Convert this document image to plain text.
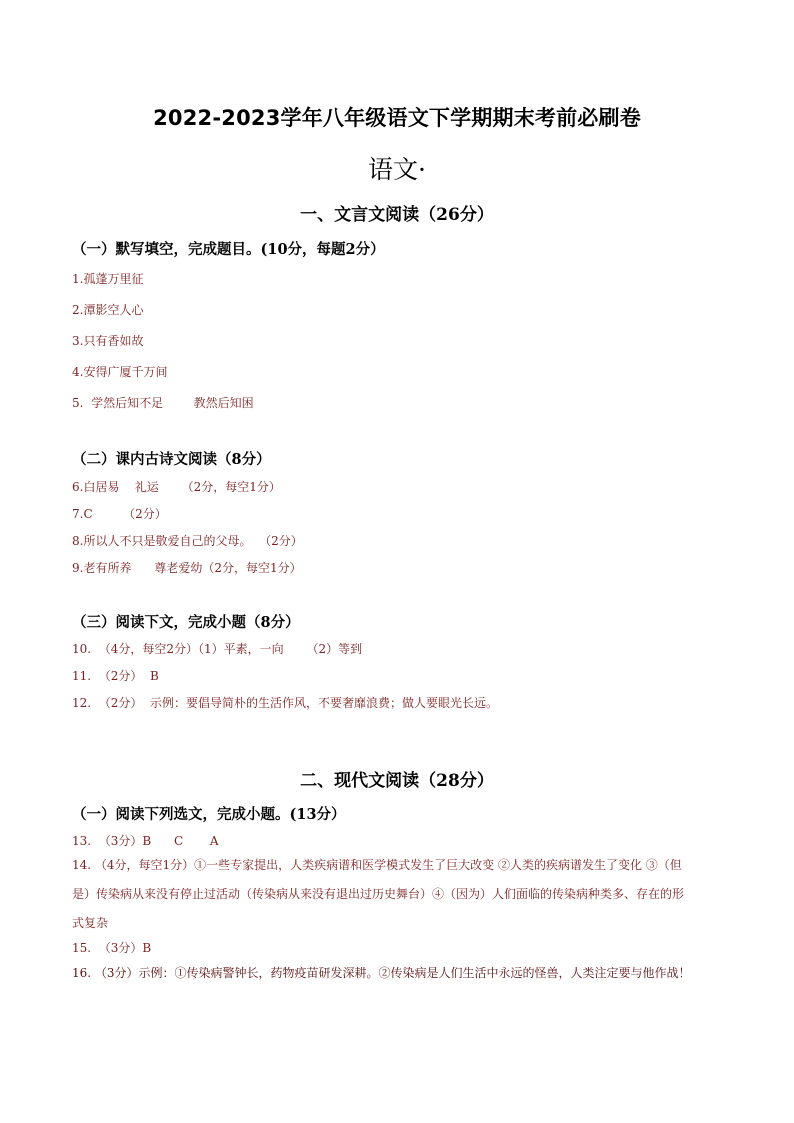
2022-2023学年八年级语文下学期期末考前必刷卷
语文·
一、文言文阅读（26分）
（一）默写填空，完成题目。(10分，每题2分）
1.孤蓬万里征
2.潭影空人心
3.只有香如故
4.安得广厦千万间
5.  学然后知不足        教然后知困
（二）课内古诗文阅读（8分）
6.白居易    礼运      （2分，每空1分）
7.C        （2分）
8.所以人不只是敬爱自己的父母。  （2分）
9.老有所养      尊老爱幼（2分，每空1分）
（三）阅读下文，完成小题（8分）
10.  （4分，每空2分）（1）平素，一向      （2）等到
11.  （2分）  B
12.  （2分）  示例：要倡导简朴的生活作风，不要奢靡浪费；做人要眼光长远。
二、现代文阅读（28分）
（一）阅读下列选文，完成小题。(13分）
13.  （3分）B      C       A
14. （4分，每空1分）①一些专家提出，人类疾病谱和医学模式发生了巨大改变 ②人类的疾病谱发生了变化 ③（但是）传染病从来没有停止过活动（传染病从来没有退出过历史舞台）④（因为）人们面临的传染病种类多、存在的形式复杂
15.  （3分）B
16. （3分）示例：①传染病警钟长，药物疫苗研发深耕。②传染病是人们生活中永远的怪兽，人类注定要与他作战！
